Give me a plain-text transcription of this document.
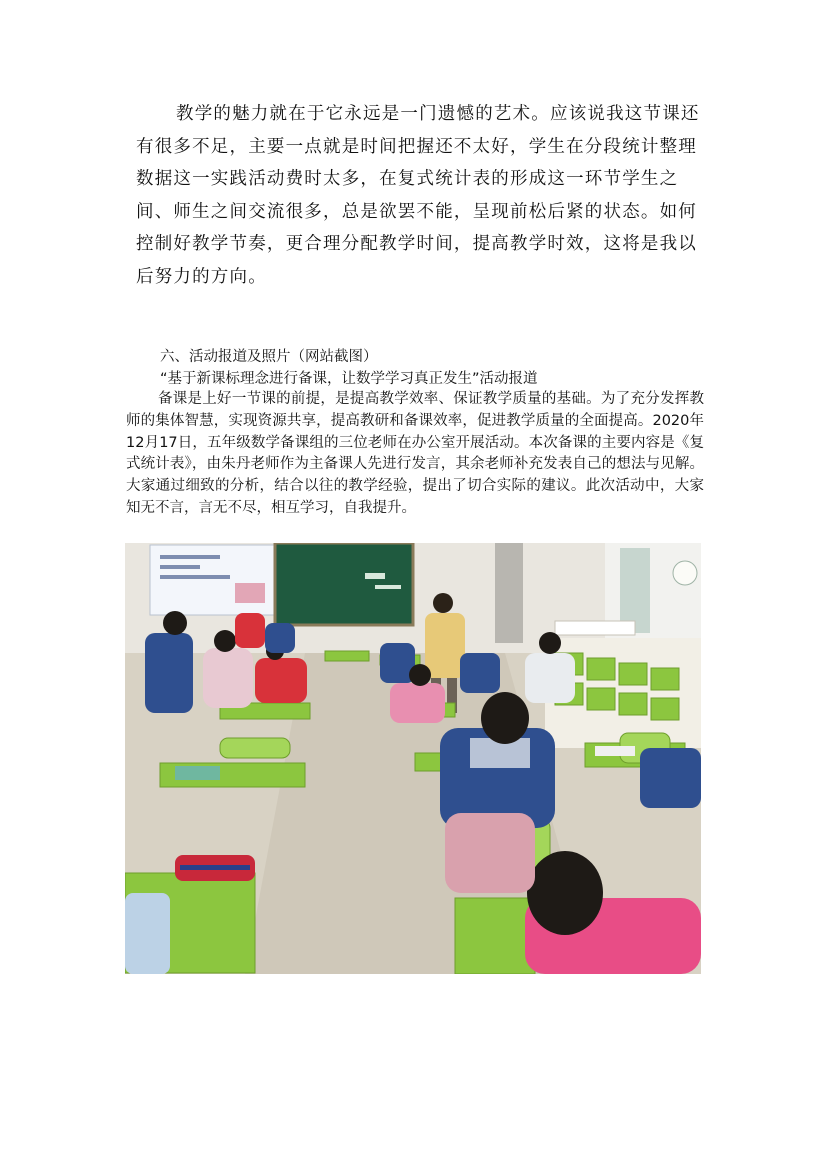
教学的魅力就在于它永远是一门遗憾的艺术。应该说我这节课还有很多不足，主要一点就是时间把握还不太好，学生在分段统计整理数据这一实践活动费时太多，在复式统计表的形成这一环节学生之间、师生之间交流很多，总是欲罢不能，呈现前松后紧的状态。如何控制好教学节奏，更合理分配教学时间，提高教学时效，这将是我以后努力的方向。

六、活动报道及照片（网站截图）
“基于新课标理念进行备课，让数学学习真正发生”活动报道

备课是上好一节课的前提，是提高教学效率、保证教学质量的基础。为了充分发挥教师的集体智慧，实现资源共享，提高教研和备课效率，促进教学质量的全面提高。2020年12月17日，五年级数学备课组的三位老师在办公室开展活动。本次备课的主要内容是《复式统计表》，由朱丹老师作为主备课人先进行发言，其余老师补充发表自己的想法与见解。大家通过细致的分析，结合以往的教学经验，提出了切合实际的建议。此次活动中，大家知无不言，言无不尽，相互学习，自我提升。
